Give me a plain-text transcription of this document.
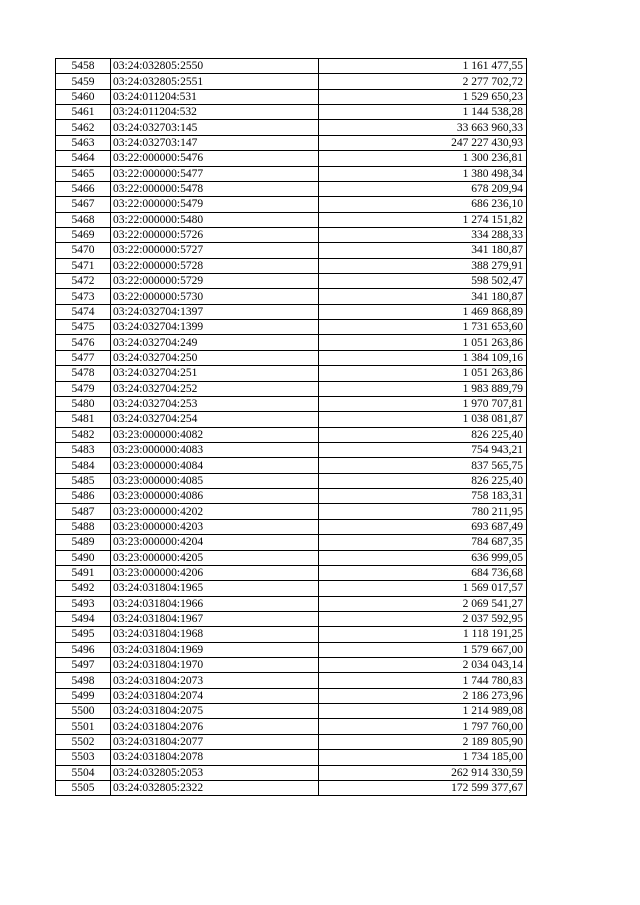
5458	03:24:032805:2550	1 161 477,55
5459	03:24:032805:2551	2 277 702,72
5460	03:24:011204:531	1 529 650,23
5461	03:24:011204:532	1 144 538,28
5462	03:24:032703:145	33 663 960,33
5463	03:24:032703:147	247 227 430,93
5464	03:22:000000:5476	1 300 236,81
5465	03:22:000000:5477	1 380 498,34
5466	03:22:000000:5478	678 209,94
5467	03:22:000000:5479	686 236,10
5468	03:22:000000:5480	1 274 151,82
5469	03:22:000000:5726	334 288,33
5470	03:22:000000:5727	341 180,87
5471	03:22:000000:5728	388 279,91
5472	03:22:000000:5729	598 502,47
5473	03:22:000000:5730	341 180,87
5474	03:24:032704:1397	1 469 868,89
5475	03:24:032704:1399	1 731 653,60
5476	03:24:032704:249	1 051 263,86
5477	03:24:032704:250	1 384 109,16
5478	03:24:032704:251	1 051 263,86
5479	03:24:032704:252	1 983 889,79
5480	03:24:032704:253	1 970 707,81
5481	03:24:032704:254	1 038 081,87
5482	03:23:000000:4082	826 225,40
5483	03:23:000000:4083	754 943,21
5484	03:23:000000:4084	837 565,75
5485	03:23:000000:4085	826 225,40
5486	03:23:000000:4086	758 183,31
5487	03:23:000000:4202	780 211,95
5488	03:23:000000:4203	693 687,49
5489	03:23:000000:4204	784 687,35
5490	03:23:000000:4205	636 999,05
5491	03:23:000000:4206	684 736,68
5492	03:24:031804:1965	1 569 017,57
5493	03:24:031804:1966	2 069 541,27
5494	03:24:031804:1967	2 037 592,95
5495	03:24:031804:1968	1 118 191,25
5496	03:24:031804:1969	1 579 667,00
5497	03:24:031804:1970	2 034 043,14
5498	03:24:031804:2073	1 744 780,83
5499	03:24:031804:2074	2 186 273,96
5500	03:24:031804:2075	1 214 989,08
5501	03:24:031804:2076	1 797 760,00
5502	03:24:031804:2077	2 189 805,90
5503	03:24:031804:2078	1 734 185,00
5504	03:24:032805:2053	262 914 330,59
5505	03:24:032805:2322	172 599 377,67
